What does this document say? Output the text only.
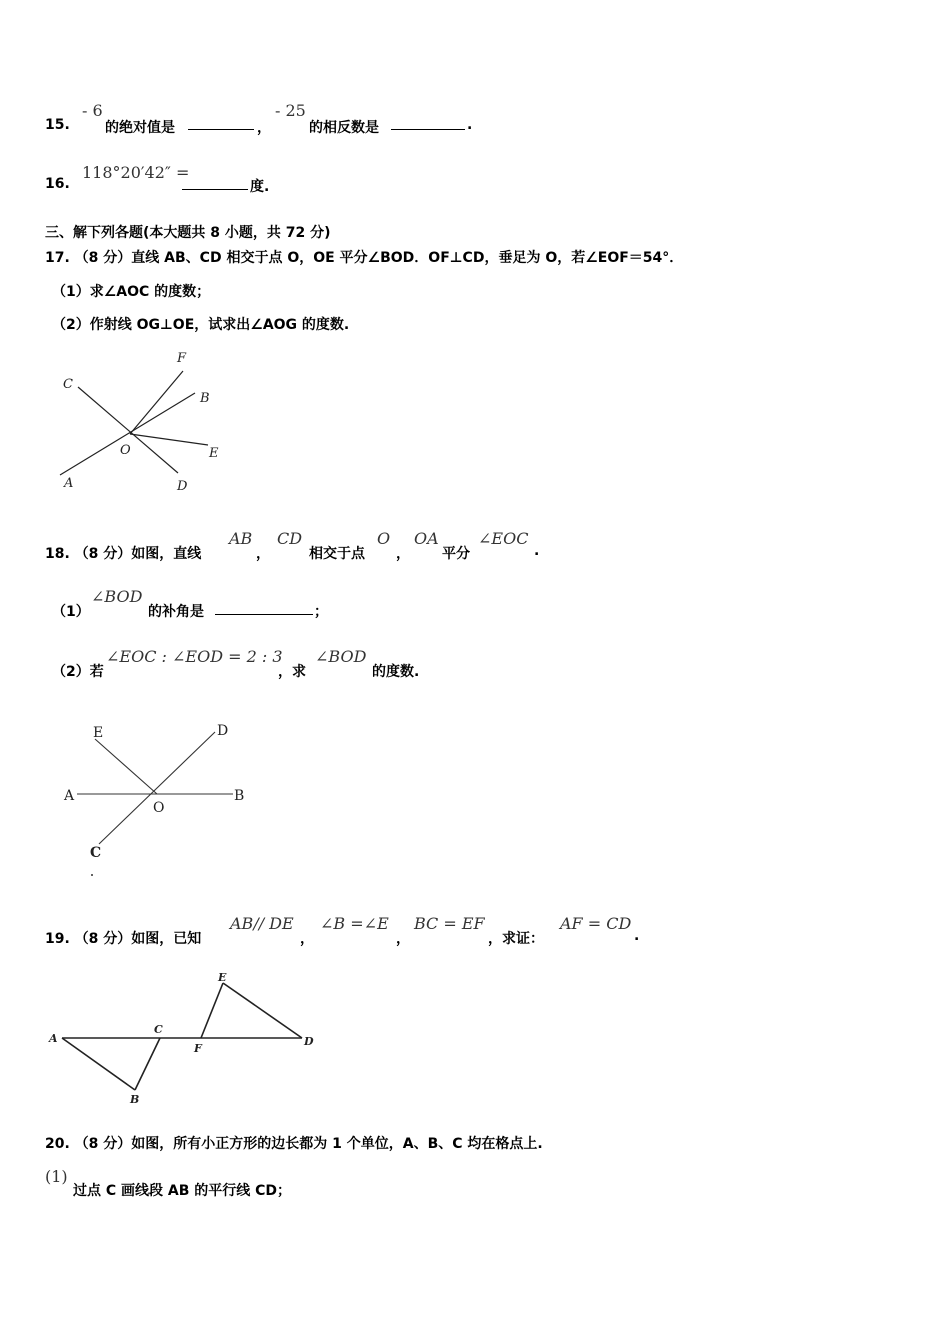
15.
- 6
的绝对值是	，
- 25
的相反数是	.
16.
118°20′42″ =
度.
三、解下列各题(本大题共 8 小题，共 72 分)
17. （8 分）直线 AB、CD 相交于点 O，OE 平分∠BOD．OF⊥CD，垂足为 O，若∠EOF＝54°．
（1）求∠AOC 的度数；
（2）作射线 OG⊥OE，试求出∠AOG 的度数.
F
C
B
O	E
A	D
18. （8 分）如图，直线
AB
，
CD
相交于点
O
，
OA
平分
∠EOC
.
（1）
∠BOD
的补角是	；
（2）若
∠EOC : ∠EOD = 2 : 3
，求
∠BOD
的度数.
E	D
A
O
B
C
19. （8 分）如图，已知
AB// DE
，
∠B =∠E
，
BC = EF
，求证：
AF = CD
.
E
A
C
F
D
B
20. （8 分）如图，所有小正方形的边长都为 1 个单位，A、B、C 均在格点上.
(1)
过点 C 画线段 AB 的平行线 CD；
